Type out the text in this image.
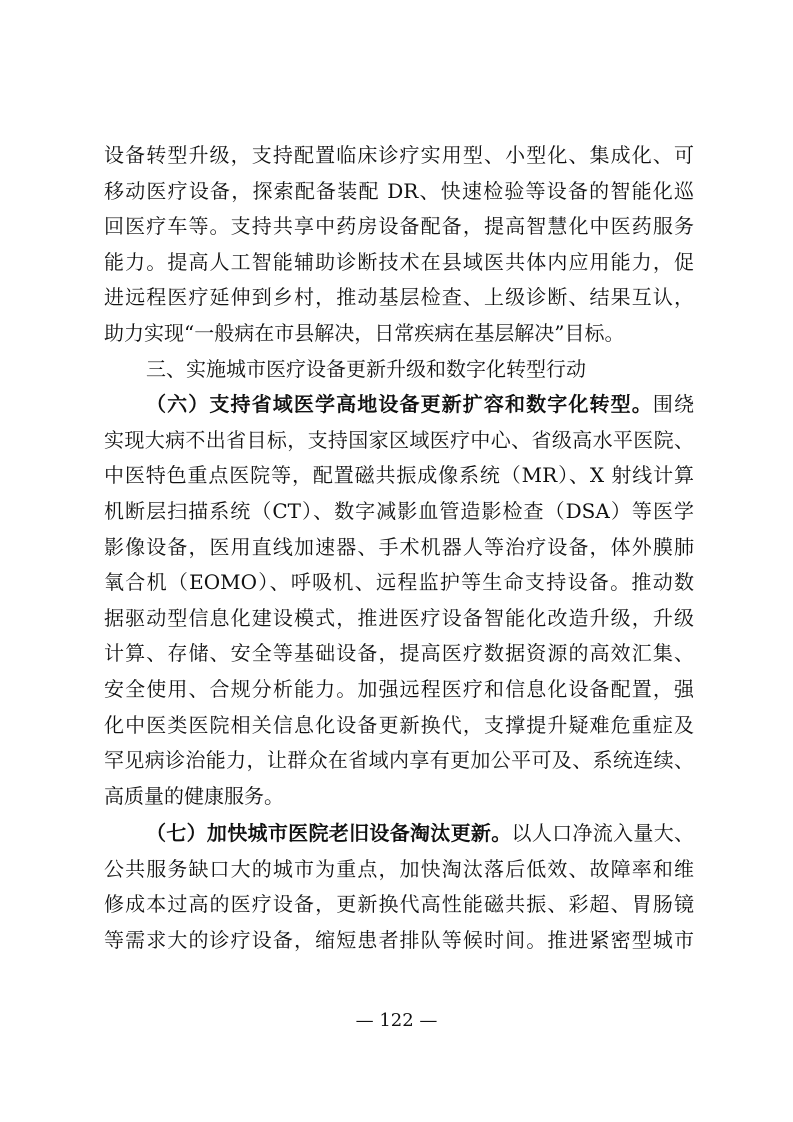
设备转型升级，支持配置临床诊疗实用型、小型化、集成化、可
移动医疗设备，探索配备装配 DR、快速检验等设备的智能化巡
回医疗车等。支持共享中药房设备配备，提高智慧化中医药服务
能力。提高人工智能辅助诊断技术在县域医共体内应用能力，促
进远程医疗延伸到乡村，推动基层检查、上级诊断、结果互认，
助力实现“一般病在市县解决，日常疾病在基层解决”目标。
三、实施城市医疗设备更新升级和数字化转型行动
（六）支持省域医学高地设备更新扩容和数字化转型。围绕
实现大病不出省目标，支持国家区域医疗中心、省级高水平医院、
中医特色重点医院等，配置磁共振成像系统（MR）、X 射线计算
机断层扫描系统（CT）、数字减影血管造影检查（DSA）等医学
影像设备，医用直线加速器、手术机器人等治疗设备，体外膜肺
氧合机（EOMO）、呼吸机、远程监护等生命支持设备。推动数
据驱动型信息化建设模式，推进医疗设备智能化改造升级，升级
计算、存储、安全等基础设备，提高医疗数据资源的高效汇集、
安全使用、合规分析能力。加强远程医疗和信息化设备配置，强
化中医类医院相关信息化设备更新换代，支撑提升疑难危重症及
罕见病诊治能力，让群众在省域内享有更加公平可及、系统连续、
高质量的健康服务。
（七）加快城市医院老旧设备淘汰更新。以人口净流入量大、
公共服务缺口大的城市为重点，加快淘汰落后低效、故障率和维
修成本过高的医疗设备，更新换代高性能磁共振、彩超、胃肠镜
等需求大的诊疗设备，缩短患者排队等候时间。推进紧密型城市
— 122 —
